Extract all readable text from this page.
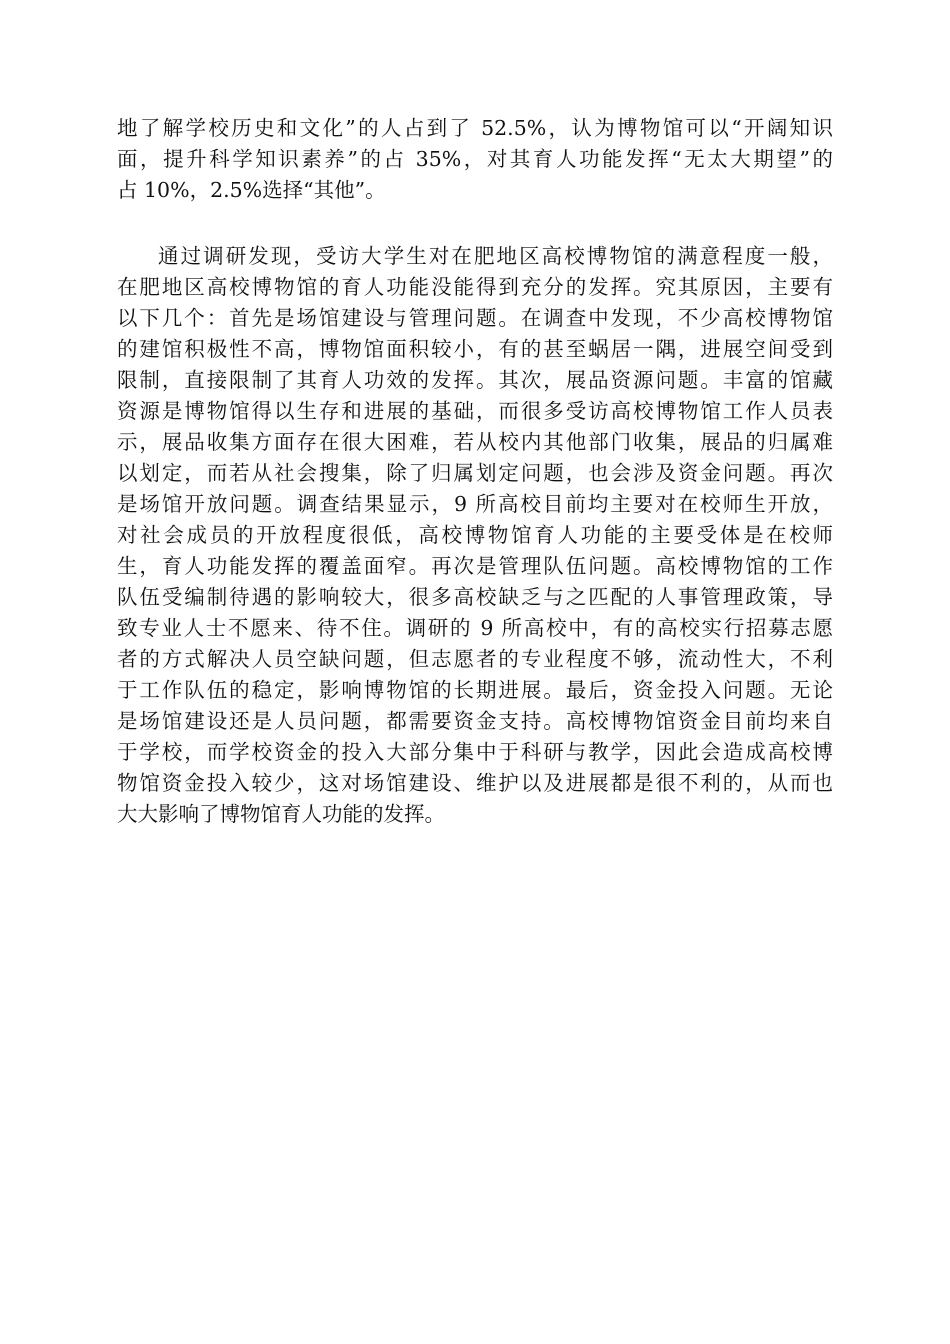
地了解学校历史和文化”的人占到了 52.5%，认为博物馆可以“开阔知识
面，提升科学知识素养”的占 35%，对其育人功能发挥“无太大期望”的
占 10%，2.5%选择“其他”。
通过调研发现，受访大学生对在肥地区高校博物馆的满意程度一般，
在肥地区高校博物馆的育人功能没能得到充分的发挥。究其原因，主要有
以下几个：首先是场馆建设与管理问题。在调查中发现，不少高校博物馆
的建馆积极性不高，博物馆面积较小，有的甚至蜗居一隅，进展空间受到
限制，直接限制了其育人功效的发挥。其次，展品资源问题。丰富的馆藏
资源是博物馆得以生存和进展的基础，而很多受访高校博物馆工作人员表
示，展品收集方面存在很大困难，若从校内其他部门收集，展品的归属难
以划定，而若从社会搜集，除了归属划定问题，也会涉及资金问题。再次
是场馆开放问题。调查结果显示，9 所高校目前均主要对在校师生开放，
对社会成员的开放程度很低，高校博物馆育人功能的主要受体是在校师
生，育人功能发挥的覆盖面窄。再次是管理队伍问题。高校博物馆的工作
队伍受编制待遇的影响较大，很多高校缺乏与之匹配的人事管理政策，导
致专业人士不愿来、待不住。调研的 9 所高校中，有的高校实行招募志愿
者的方式解决人员空缺问题，但志愿者的专业程度不够，流动性大，不利
于工作队伍的稳定，影响博物馆的长期进展。最后，资金投入问题。无论
是场馆建设还是人员问题，都需要资金支持。高校博物馆资金目前均来自
于学校，而学校资金的投入大部分集中于科研与教学，因此会造成高校博
物馆资金投入较少，这对场馆建设、维护以及进展都是很不利的，从而也
大大影响了博物馆育人功能的发挥。
